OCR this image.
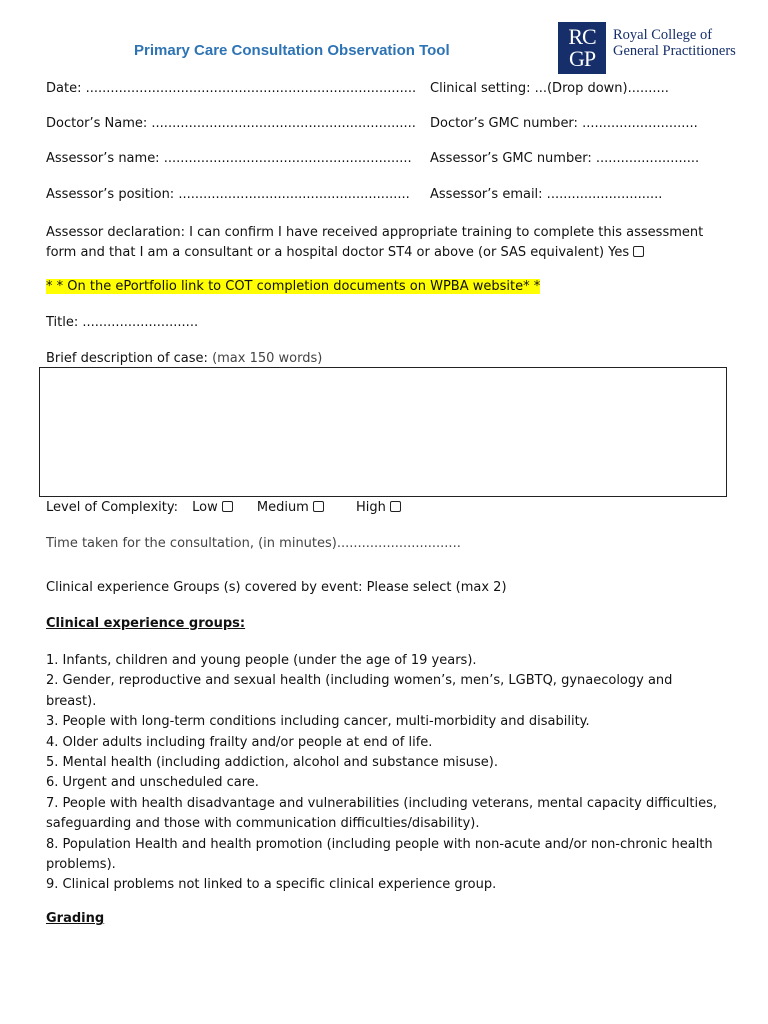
Primary Care Consultation Observation Tool
RC
GP
Royal College of
General Practitioners
Date: ................................................................................ Clinical setting: ...(Drop down)..........
Doctor’s Name: ................................................................ Doctor’s GMC number: ............................
Assessor’s name: ............................................................ Assessor’s GMC number: .........................
Assessor’s position: ........................................................ Assessor’s email: ............................
Assessor declaration: I can confirm I have received appropriate training to complete this assessment form and that I am a consultant or a hospital doctor ST4 or above (or SAS equivalent) Yes
* * On the ePortfolio link to COT completion documents on WPBA website* *
Title: ............................
Brief description of case: (max 150 words)
Level of Complexity: Low	Medium	High
Time taken for the consultation, (in minutes)..............................
Clinical experience Groups (s) covered by event: Please select (max 2)
Clinical experience groups:
1. Infants, children and young people (under the age of 19 years).
2. Gender, reproductive and sexual health (including women’s, men’s, LGBTQ, gynaecology and breast).
3. People with long-term conditions including cancer, multi-morbidity and disability.
4. Older adults including frailty and/or people at end of life.
5. Mental health (including addiction, alcohol and substance misuse).
6. Urgent and unscheduled care.
7. People with health disadvantage and vulnerabilities (including veterans, mental capacity difficulties, safeguarding and those with communication difficulties/disability).
8. Population Health and health promotion (including people with non-acute and/or non-chronic health problems).
9. Clinical problems not linked to a specific clinical experience group.
Grading
